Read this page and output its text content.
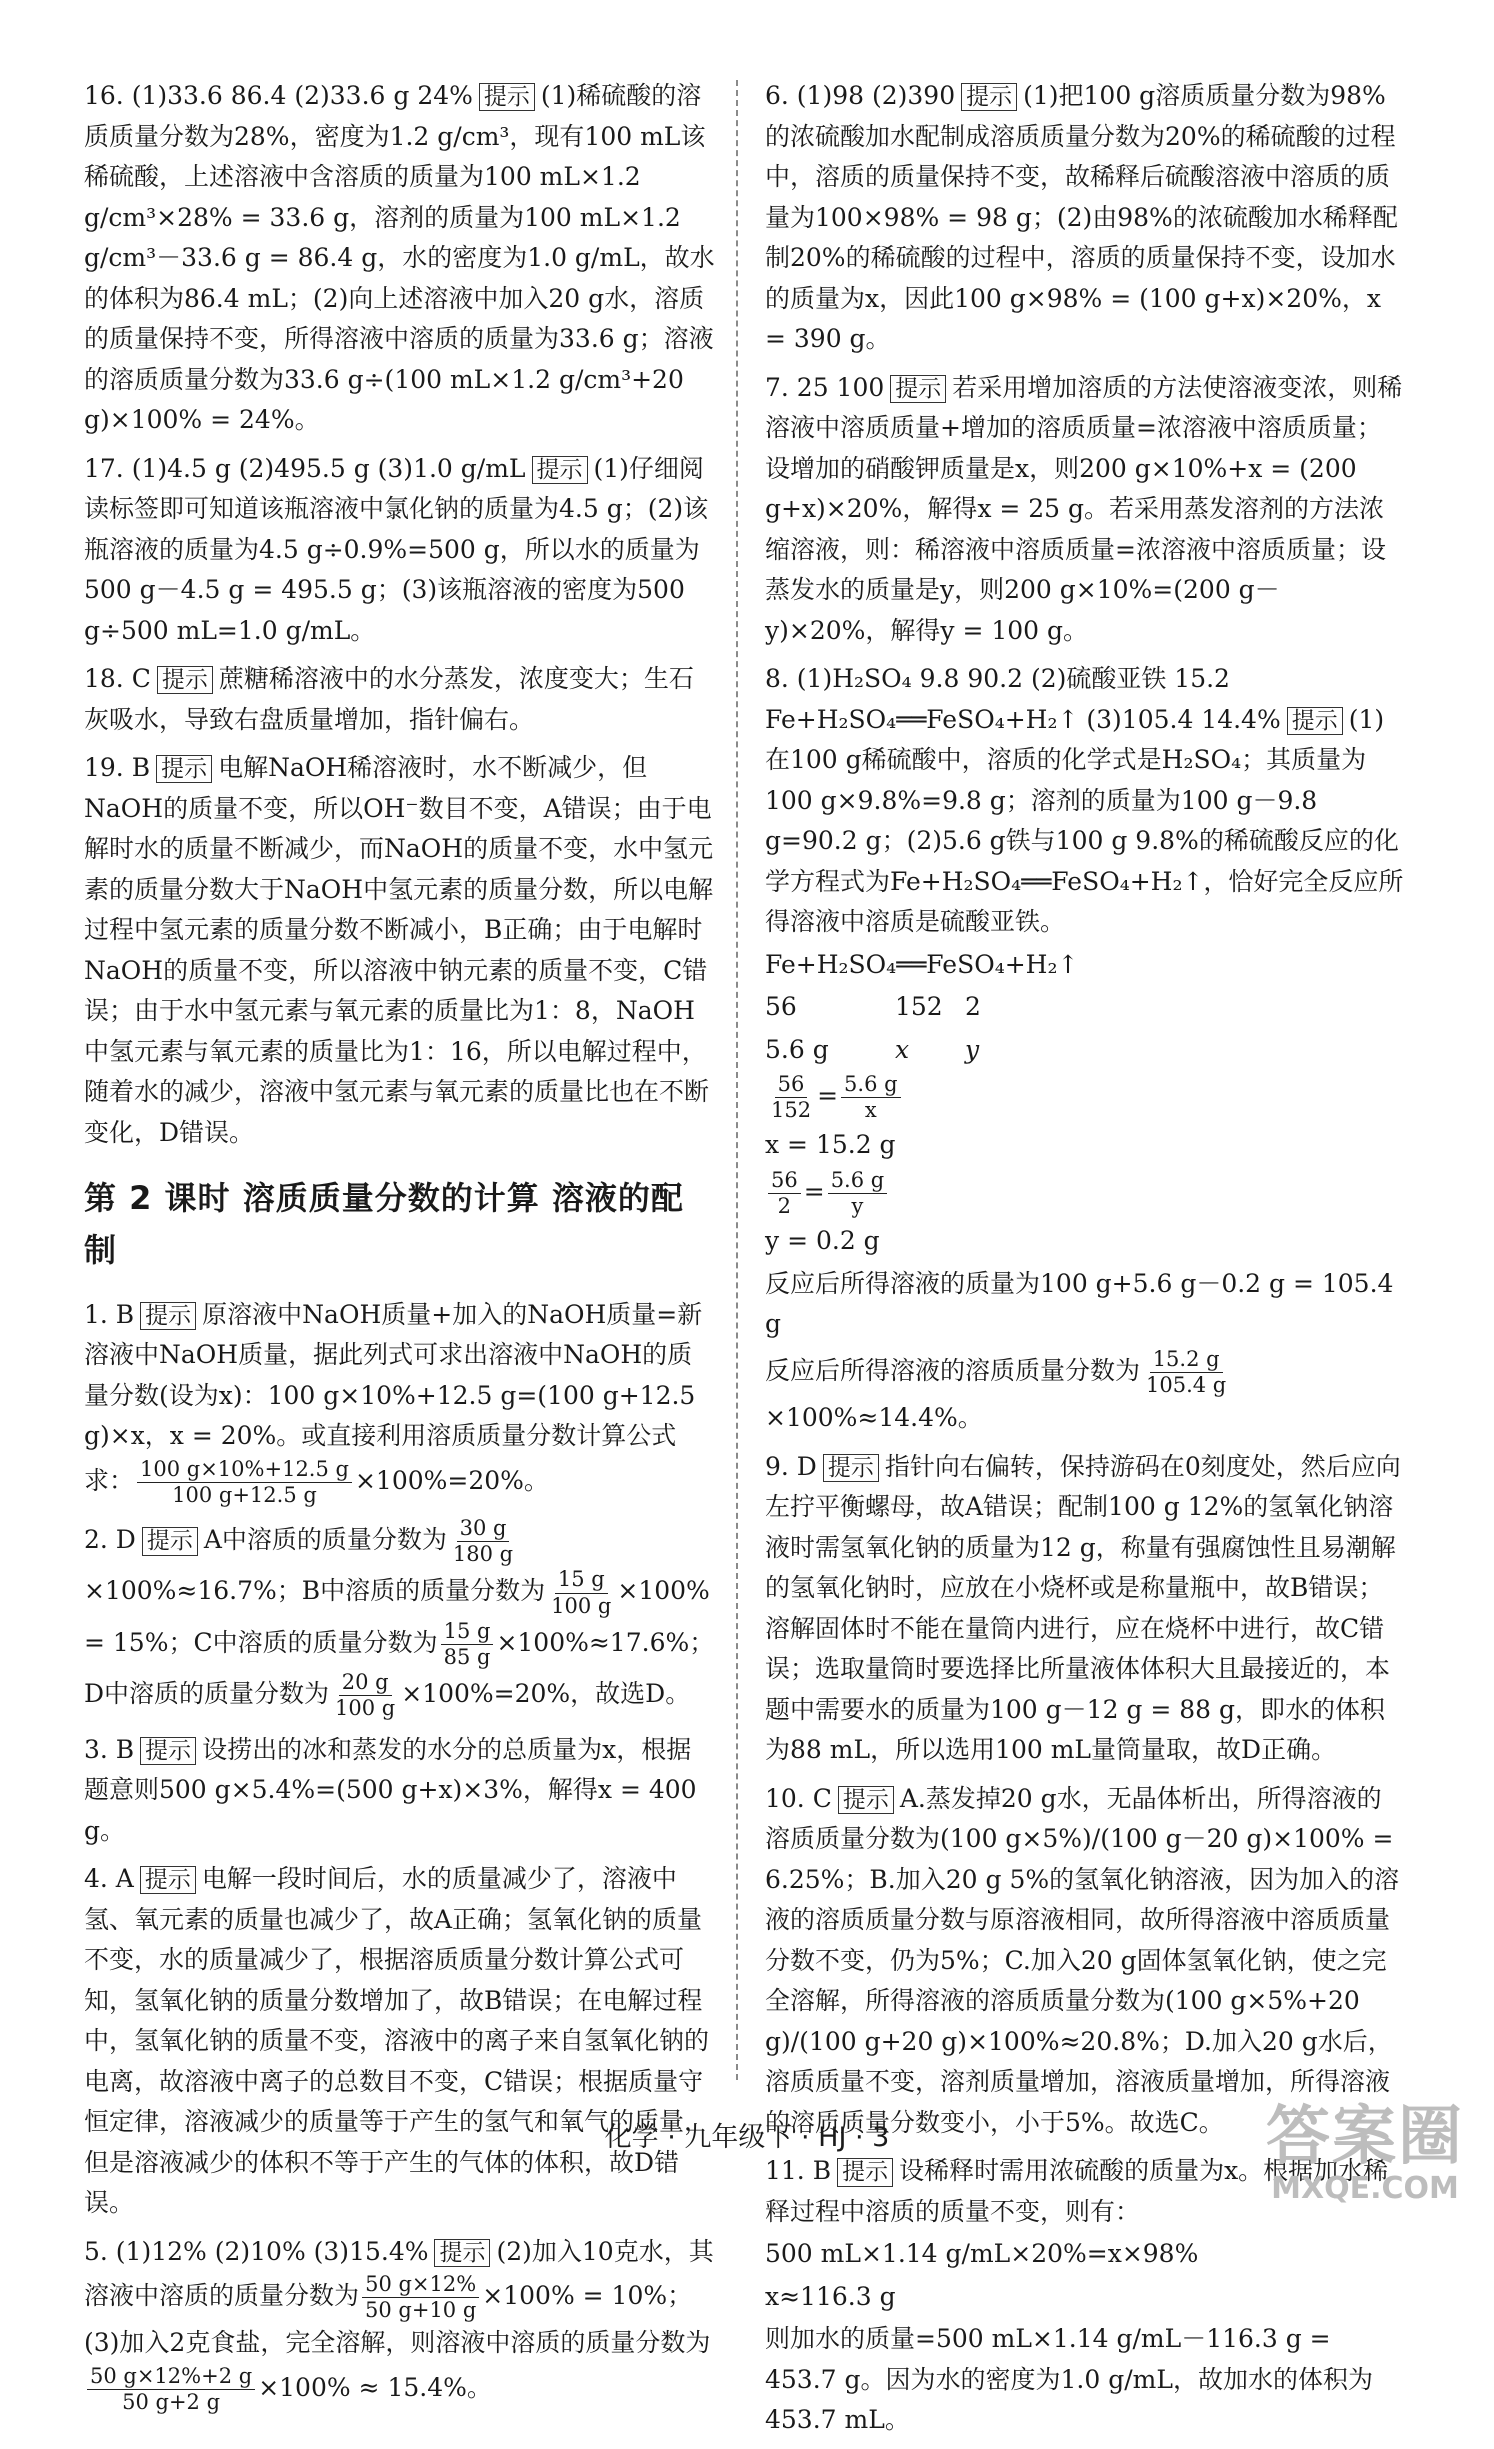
16. (1)33.6 86.4 (2)33.6 g 24% 提示 (1)稀硫酸的溶质质量分数为28%，密度为1.2 g/cm³，现有100 mL该稀硫酸，上述溶液中含溶质的质量为100 mL×1.2 g/cm³×28% = 33.6 g，溶剂的质量为100 mL×1.2 g/cm³－33.6 g = 86.4 g，水的密度为1.0 g/mL，故水的体积为86.4 mL；(2)向上述溶液中加入20 g水，溶质的质量保持不变，所得溶液中溶质的质量为33.6 g；溶液的溶质质量分数为33.6 g÷(100 mL×1.2 g/cm³+20 g)×100% = 24%。

17. (1)4.5 g (2)495.5 g (3)1.0 g/mL 提示 (1)仔细阅读标签即可知道该瓶溶液中氯化钠的质量为4.5 g；(2)该瓶溶液的质量为4.5 g÷0.9%=500 g，所以水的质量为500 g－4.5 g = 495.5 g；(3)该瓶溶液的密度为500 g÷500 mL=1.0 g/mL。

18. C 提示 蔗糖稀溶液中的水分蒸发，浓度变大；生石灰吸水，导致右盘质量增加，指针偏右。

19. B 提示 电解NaOH稀溶液时，水不断减少，但NaOH的质量不变，所以OH⁻数目不变，A错误；由于电解时水的质量不断减少，而NaOH的质量不变，水中氢元素的质量分数大于NaOH中氢元素的质量分数，所以电解过程中氢元素的质量分数不断减小，B正确；由于电解时NaOH的质量不变，所以溶液中钠元素的质量不变，C错误；由于水中氢元素与氧元素的质量比为1：8，NaOH中氢元素与氧元素的质量比为1：16，所以电解过程中，随着水的减少，溶液中氢元素与氧元素的质量比也在不断变化，D错误。

第 2 课时 溶质质量分数的计算 溶液的配制

1. B 提示 原溶液中NaOH质量+加入的NaOH质量=新溶液中NaOH质量，据此列式可求出溶液中NaOH的质量分数(设为x)：100 g×10%+12.5 g=(100 g+12.5 g)×x，x = 20%。或直接利用溶质质量分数计算公式求： $\frac{100 g\times 10\%+12.5 g}{100 g+12.5 g} \times 100\%=20\%$。

2. D 提示 A中溶质的质量分数为 $\frac{30 g}{180 g}$
×100%≈16.7%；B中溶质的质量分数为 $\frac{15 g}{100 g} \times 100\% = 15\%$；C中溶质的质量分数为 $\frac{15 g}{85 g} \times 100\%\approx 17.6\%$；D中溶质的质量分数为 $\frac{20 g}{100 g} \times 100\%=20\%$，故选D。

3. B 提示 设捞出的冰和蒸发的水分的总质量为x，根据题意则500 g×5.4%=(500 g+x)×3%，解得x = 400 g。

4. A 提示 电解一段时间后，水的质量减少了，溶液中氢、氧元素的质量也减少了，故A正确；氢氧化钠的质量不变，水的质量减少了，根据溶质质量分数计算公式可知，氢氧化钠的质量分数增加了，故B错误；在电解过程中，氢氧化钠的质量不变，溶液中的离子来自氢氧化钠的电离，故溶液中离子的总数目不变，C错误；根据质量守恒定律，溶液减少的质量等于产生的氢气和氧气的质量，但是溶液减少的体积不等于产生的气体的体积，故D错误。

5. (1)12% (2)10% (3)15.4% 提示 (2)加入10克水，其溶液中溶质的质量分数为 $\frac{50 g\times 12\%}{50 g+10 g} \times 100\% = 10\%$；(3)加入2克食盐，完全溶解，则溶液中溶质的质量分数为
$\frac{50 g\times 12\%+2 g}{50 g+2 g} \times 100\% \approx 15.4\%$。

6. (1)98 (2)390 提示 (1)把100 g溶质质量分数为98%的浓硫酸加水配制成溶质质量分数为20%的稀硫酸的过程中，溶质的质量保持不变，故稀释后硫酸溶液中溶质的质量为100×98% = 98 g；(2)由98%的浓硫酸加水稀释配制20%的稀硫酸的过程中，溶质的质量保持不变，设加水的质量为x，因此100 g×98% = (100 g+x)×20%，x = 390 g。

7. 25 100 提示 若采用增加溶质的方法使溶液变浓，则稀溶液中溶质质量+增加的溶质质量=浓溶液中溶质质量；设增加的硝酸钾质量是x，则200 g×10%+x = (200 g+x)×20%，解得x = 25 g。若采用蒸发溶剂的方法浓缩溶液，则：稀溶液中溶质质量=浓溶液中溶质质量；设蒸发水的质量是y，则200 g×10%=(200 g－y)×20%，解得y = 100 g。

8. (1)H₂SO₄ 9.8 90.2 (2)硫酸亚铁 15.2 Fe+H₂SO₄══FeSO₄+H₂↑ (3)105.4 14.4% 提示 (1)在100 g稀硫酸中，溶质的化学式是H₂SO₄；其质量为100 g×9.8%=9.8 g；溶剂的质量为100 g－9.8 g=90.2 g；(2)5.6 g铁与100 g 9.8%的稀硫酸反应的化学方程式为Fe+H₂SO₄══FeSO₄+H₂↑，恰好完全反应所得溶液中溶质是硫酸亚铁。

Fe+H₂SO₄══FeSO₄+H₂↑
56	152 2
5.6 g	x	y
$\frac{56}{152} = \frac{5.6 g}{x}$
x = 15.2 g
$\frac{56}{2} = \frac{5.6 g}{y}$
y = 0.2 g
反应后所得溶液的质量为100 g+5.6 g－0.2 g = 105.4 g
反应后所得溶液的溶质质量分数为 $\frac{15.2 g}{105.4 g}$
×100%≈14.4%。

9. D 提示 指针向右偏转，保持游码在0刻度处，然后应向左拧平衡螺母，故A错误；配制100 g 12%的氢氧化钠溶液时需氢氧化钠的质量为12 g，称量有强腐蚀性且易潮解的氢氧化钠时，应放在小烧杯或是称量瓶中，故B错误；溶解固体时不能在量筒内进行，应在烧杯中进行，故C错误；选取量筒时要选择比所量液体体积大且最接近的，本题中需要水的质量为100 g－12 g = 88 g，即水的体积为88 mL，所以选用100 mL量筒量取，故D正确。

10. C 提示 A.蒸发掉20 g水，无晶体析出，所得溶液的溶质质量分数为(100 g×5%)/(100 g－20 g)×100% = 6.25%；B.加入20 g 5%的氢氧化钠溶液，因为加入的溶液的溶质质量分数与原溶液相同，故所得溶液中溶质质量分数不变，仍为5%；C.加入20 g固体氢氧化钠，使之完全溶解，所得溶液的溶质质量分数为(100 g×5%+20 g)/(100 g+20 g)×100%≈20.8%；D.加入20 g水后，溶质质量不变，溶剂质量增加，溶液质量增加，所得溶液的溶质质量分数变小，小于5%。故选C。

11. B 提示 设稀释时需用浓硫酸的质量为x。根据加水稀释过程中溶质的质量不变，则有：

500 mL×1.14 g/mL×20%=x×98%
x≈116.3 g
则加水的质量=500 mL×1.14 g/mL－116.3 g = 453.7 g。因为水的密度为1.0 g/mL，故加水的体积为453.7 mL。
化学 · 九年级下 · HJ · 3	答案圈
MXQE.COM
